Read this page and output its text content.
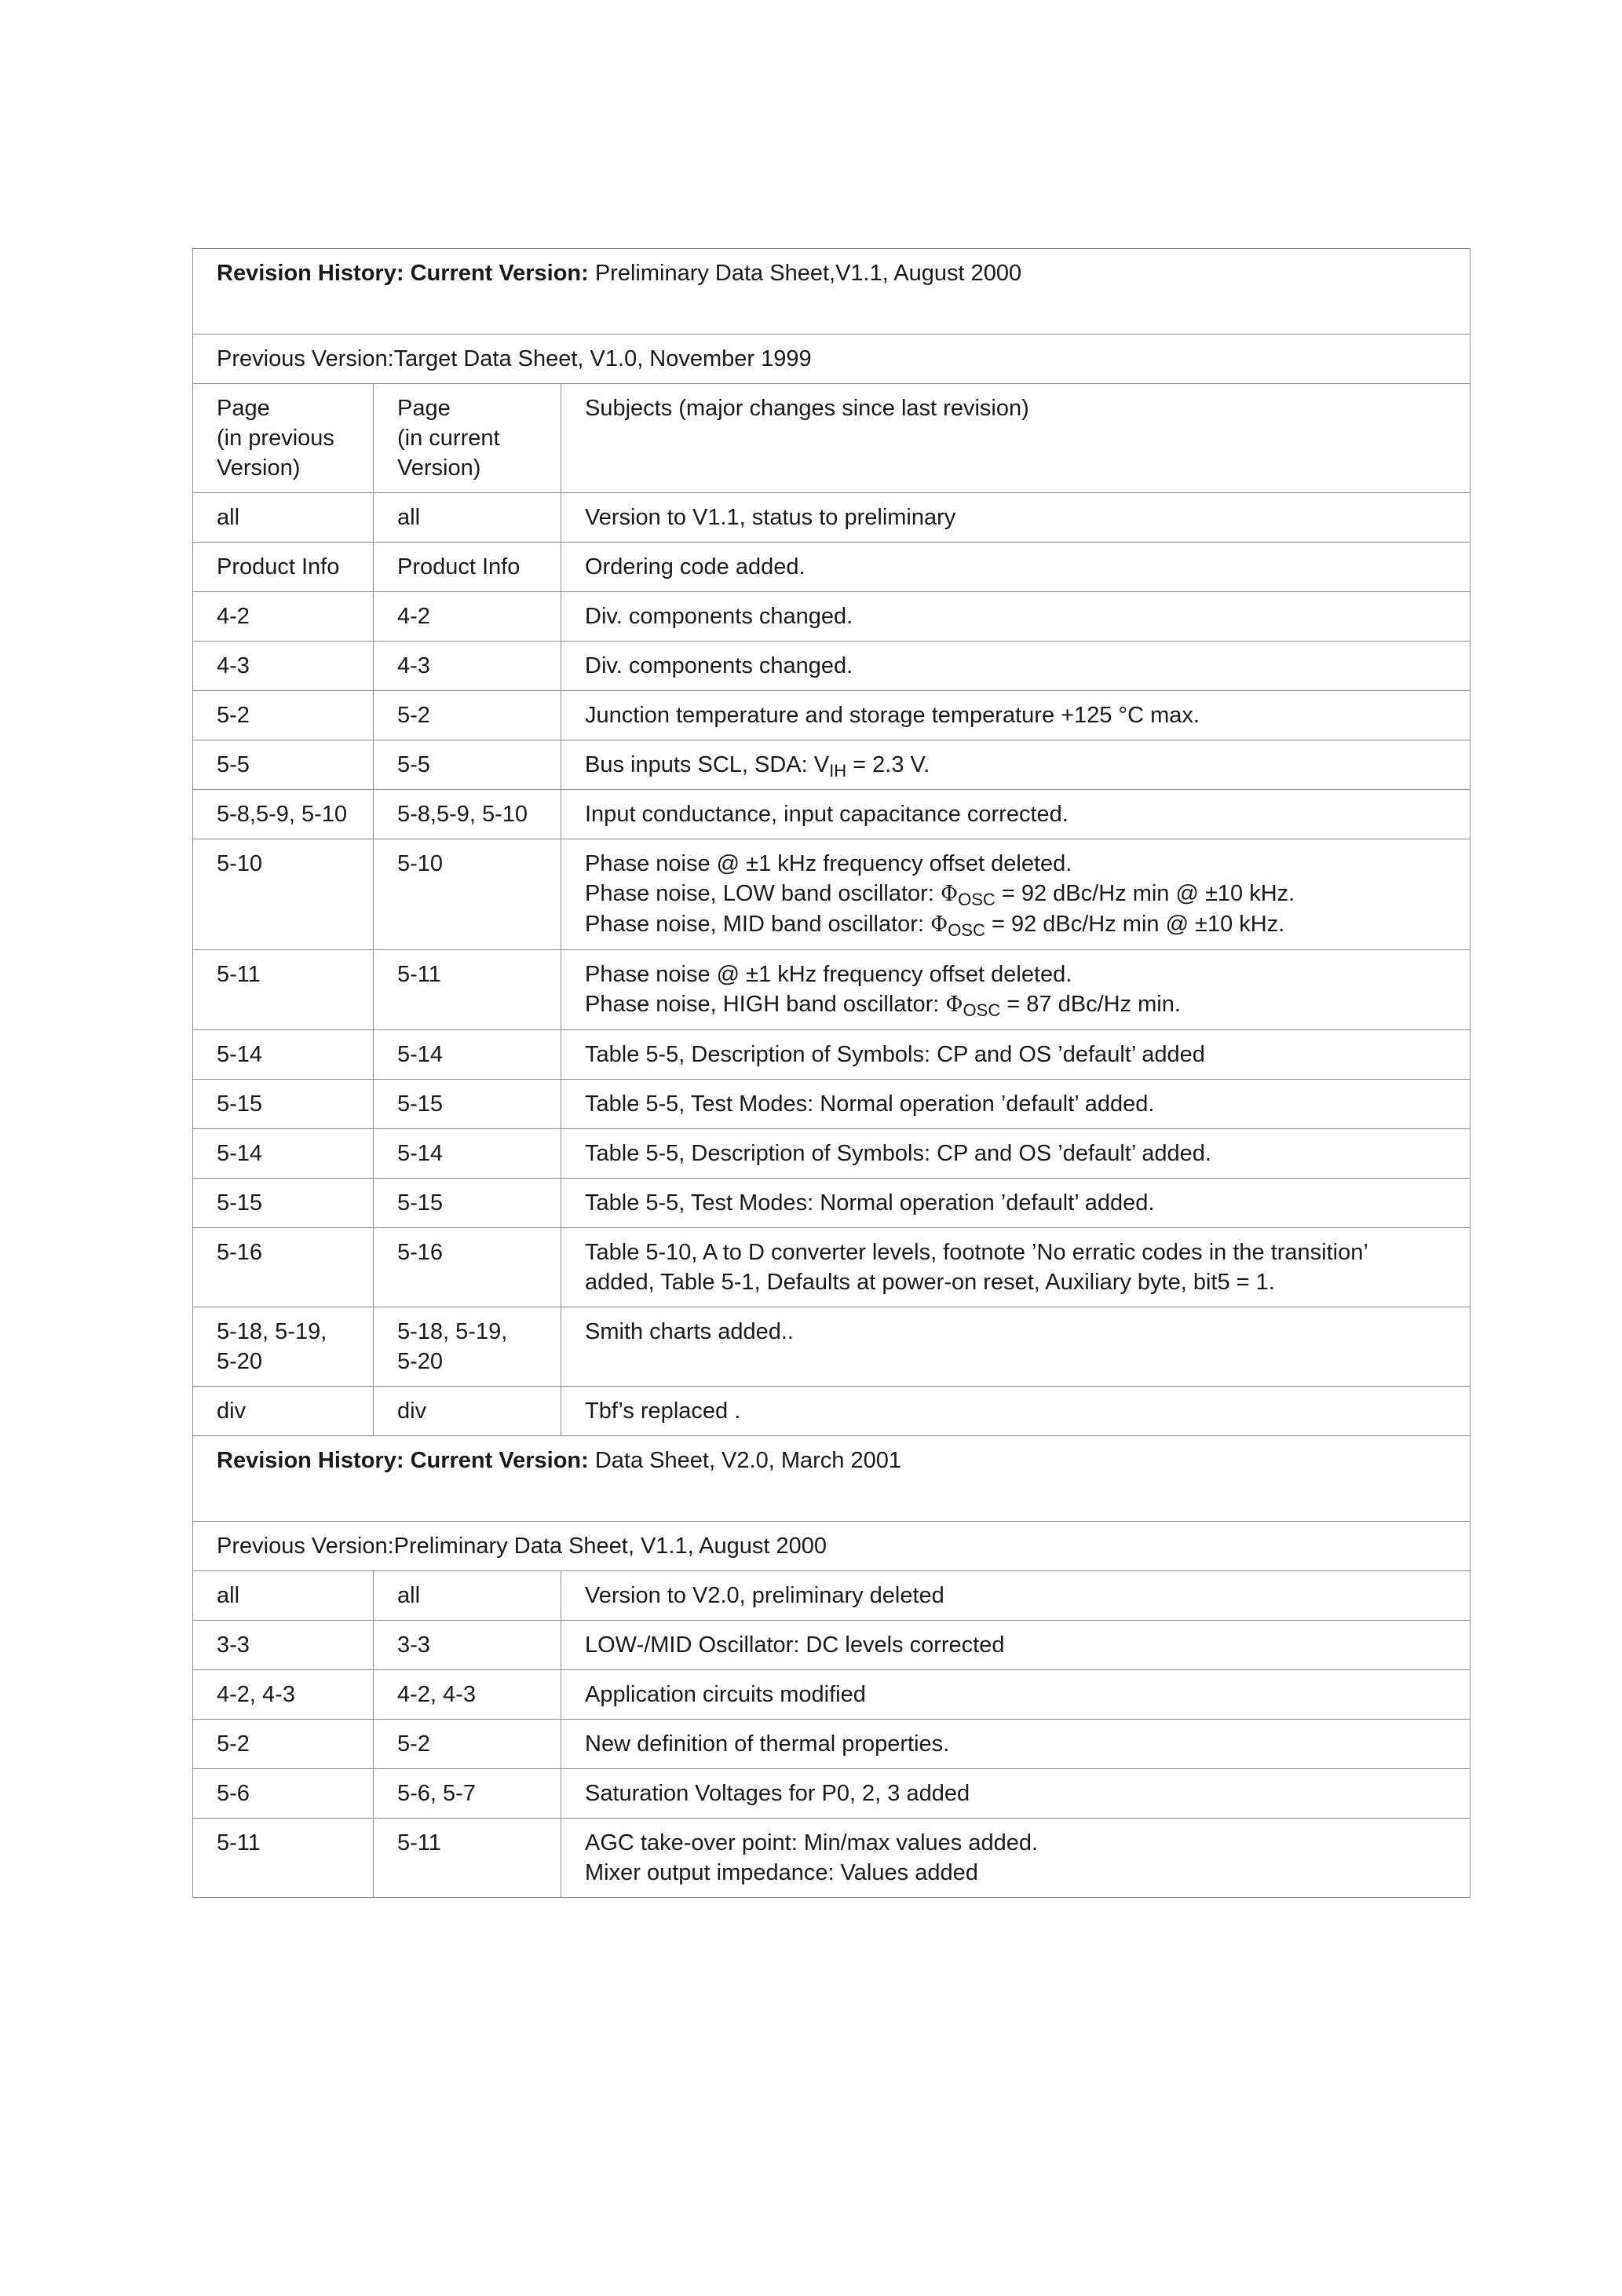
Revision History: Current Version: Preliminary Data Sheet,V1.1, August 2000		
Previous Version:Target Data Sheet, V1.0, November 1999		

Page
(in previous
Version)	Page
(in current
Version)	Subjects (major changes since last revision)
all	all	Version to V1.1, status to preliminary

Product Info	Product Info	Ordering code added.

4-2	4-2	Div. components changed.

4-3	4-3	Div. components changed.

5-2	5-2	Junction temperature and storage temperature +125 °C max.

5-5	5-5	Bus inputs SCL, SDA: $V_{IH} = 2.3$ V.

5-8,5-9, 5-10	5-8,5-9, 5-10	Input conductance, input capacitance corrected.

5-10	5-10	Phase noise @ ±1 kHz frequency offset deleted.
Phase noise, LOW band oscillator: $\Phi_{OSC} = 92$ dBc/Hz min @ ±10 kHz.
Phase noise, MID band oscillator: $\Phi_{OSC} = 92$ dBc/Hz min @ ±10 kHz.

5-11	5-11	Phase noise @ ±1 kHz frequency offset deleted.
Phase noise, HIGH band oscillator: $\Phi_{OSC} = 87$ dBc/Hz min.

5-14	5-14	Table 5-5, Description of Symbols: CP and OS ’default’ added

5-15	5-15	Table 5-5, Test Modes: Normal operation ’default’ added.

5-14	5-14	Table 5-5, Description of Symbols: CP and OS ’default’ added.

5-15	5-15	Table 5-5, Test Modes: Normal operation ’default’ added.

5-16	5-16	Table 5-10, A to D converter levels, footnote ’No erratic codes in the transition’
added, Table 5-1, Defaults at power-on reset, Auxiliary byte, bit5 = 1.

5-18, 5-19,
5-20	5-18, 5-19,
5-20	Smith charts added..

div	div	Tbf’s replaced .

Revision History: Current Version: Data Sheet, V2.0, March 2001		
Previous Version:Preliminary Data Sheet, V1.1, August 2000		
all	all	Version to V2.0, preliminary deleted

3-3	3-3	LOW-/MID Oscillator: DC levels corrected

4-2, 4-3	4-2, 4-3	Application circuits modified

5-2	5-2	New definition of thermal properties.

5-6	5-6, 5-7	Saturation Voltages for P0, 2, 3 added

5-11	5-11	AGC take-over point: Min/max values added.
Mixer output impedance: Values added
